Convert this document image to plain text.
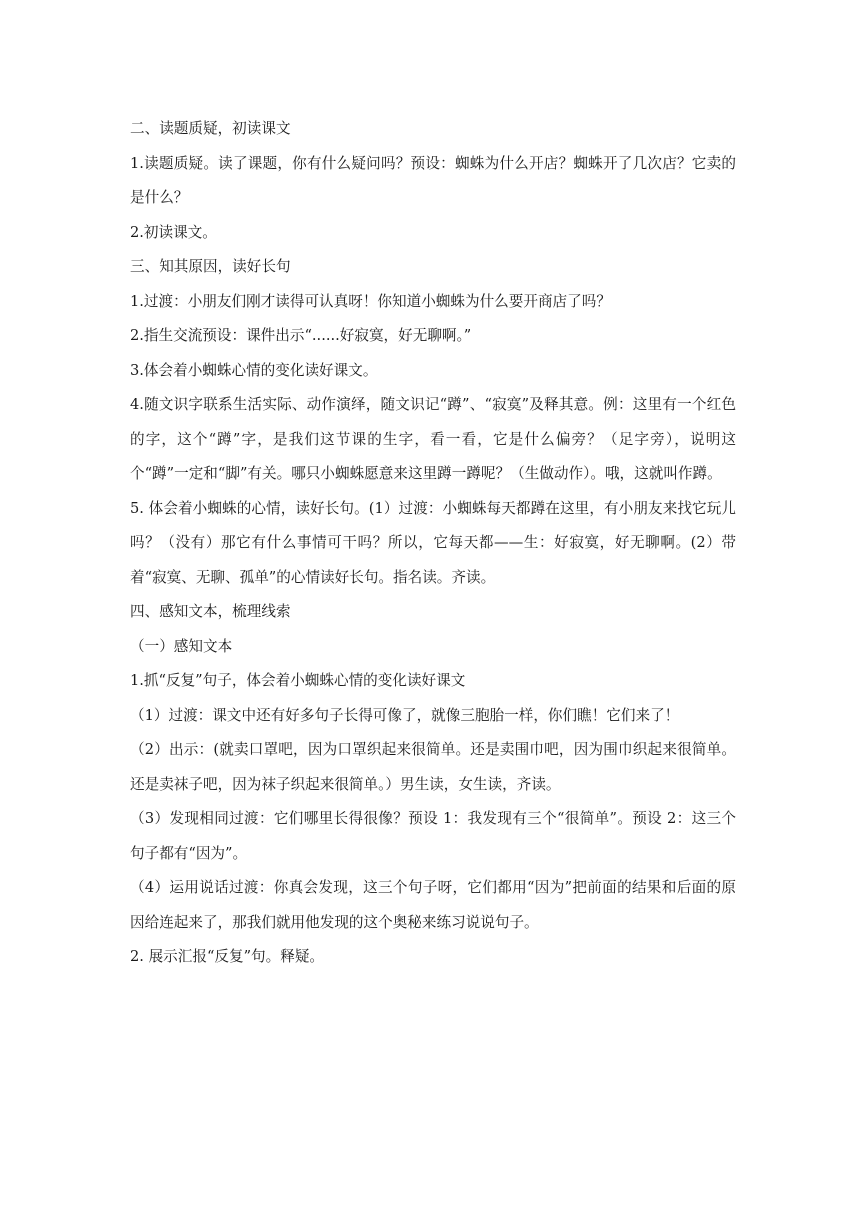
二、读题质疑，初读课文

1.读题质疑。读了课题，你有什么疑问吗？预设：蜘蛛为什么开店？蜘蛛开了几次店？它卖的是什么？

2.初读课文。

三、知其原因，读好长句

1.过渡：小朋友们刚才读得可认真呀！你知道小蜘蛛为什么要开商店了吗？

2.指生交流预设：课件出示“......好寂寞，好无聊啊。”

3.体会着小蜘蛛心情的变化读好课文。

4.随文识字联系生活实际、动作演绎，随文识记“蹲”、“寂寞”及释其意。例：这里有一个红色的字，这个“蹲”字，是我们这节课的生字，看一看，它是什么偏旁？（足字旁），说明这个“蹲”一定和“脚”有关。哪只小蜘蛛愿意来这里蹲一蹲呢？（生做动作）。哦，这就叫作蹲。

5. 体会着小蜘蛛的心情，读好长句。(1）过渡：小蜘蛛每天都蹲在这里，有小朋友来找它玩儿吗？（没有）那它有什么事情可干吗？所以，它每天都——生：好寂寞，好无聊啊。(2）带着“寂寞、无聊、孤单”的心情读好长句。指名读。齐读。

四、感知文本，梳理线索

（一）感知文本

1.抓“反复”句子，体会着小蜘蛛心情的变化读好课文

（1）过渡：课文中还有好多句子长得可像了，就像三胞胎一样，你们瞧！它们来了！

（2）出示：(就卖口罩吧，因为口罩织起来很简单。还是卖围巾吧，因为围巾织起来很简单。还是卖袜子吧，因为袜子织起来很简单。）男生读，女生读，齐读。

（3）发现相同过渡：它们哪里长得很像？预设 1：我发现有三个“很简单”。预设 2：这三个句子都有“因为”。

（4）运用说话过渡：你真会发现，这三个句子呀，它们都用“因为”把前面的结果和后面的原因给连起来了，那我们就用他发现的这个奥秘来练习说说句子。

2. 展示汇报“反复”句。释疑。
